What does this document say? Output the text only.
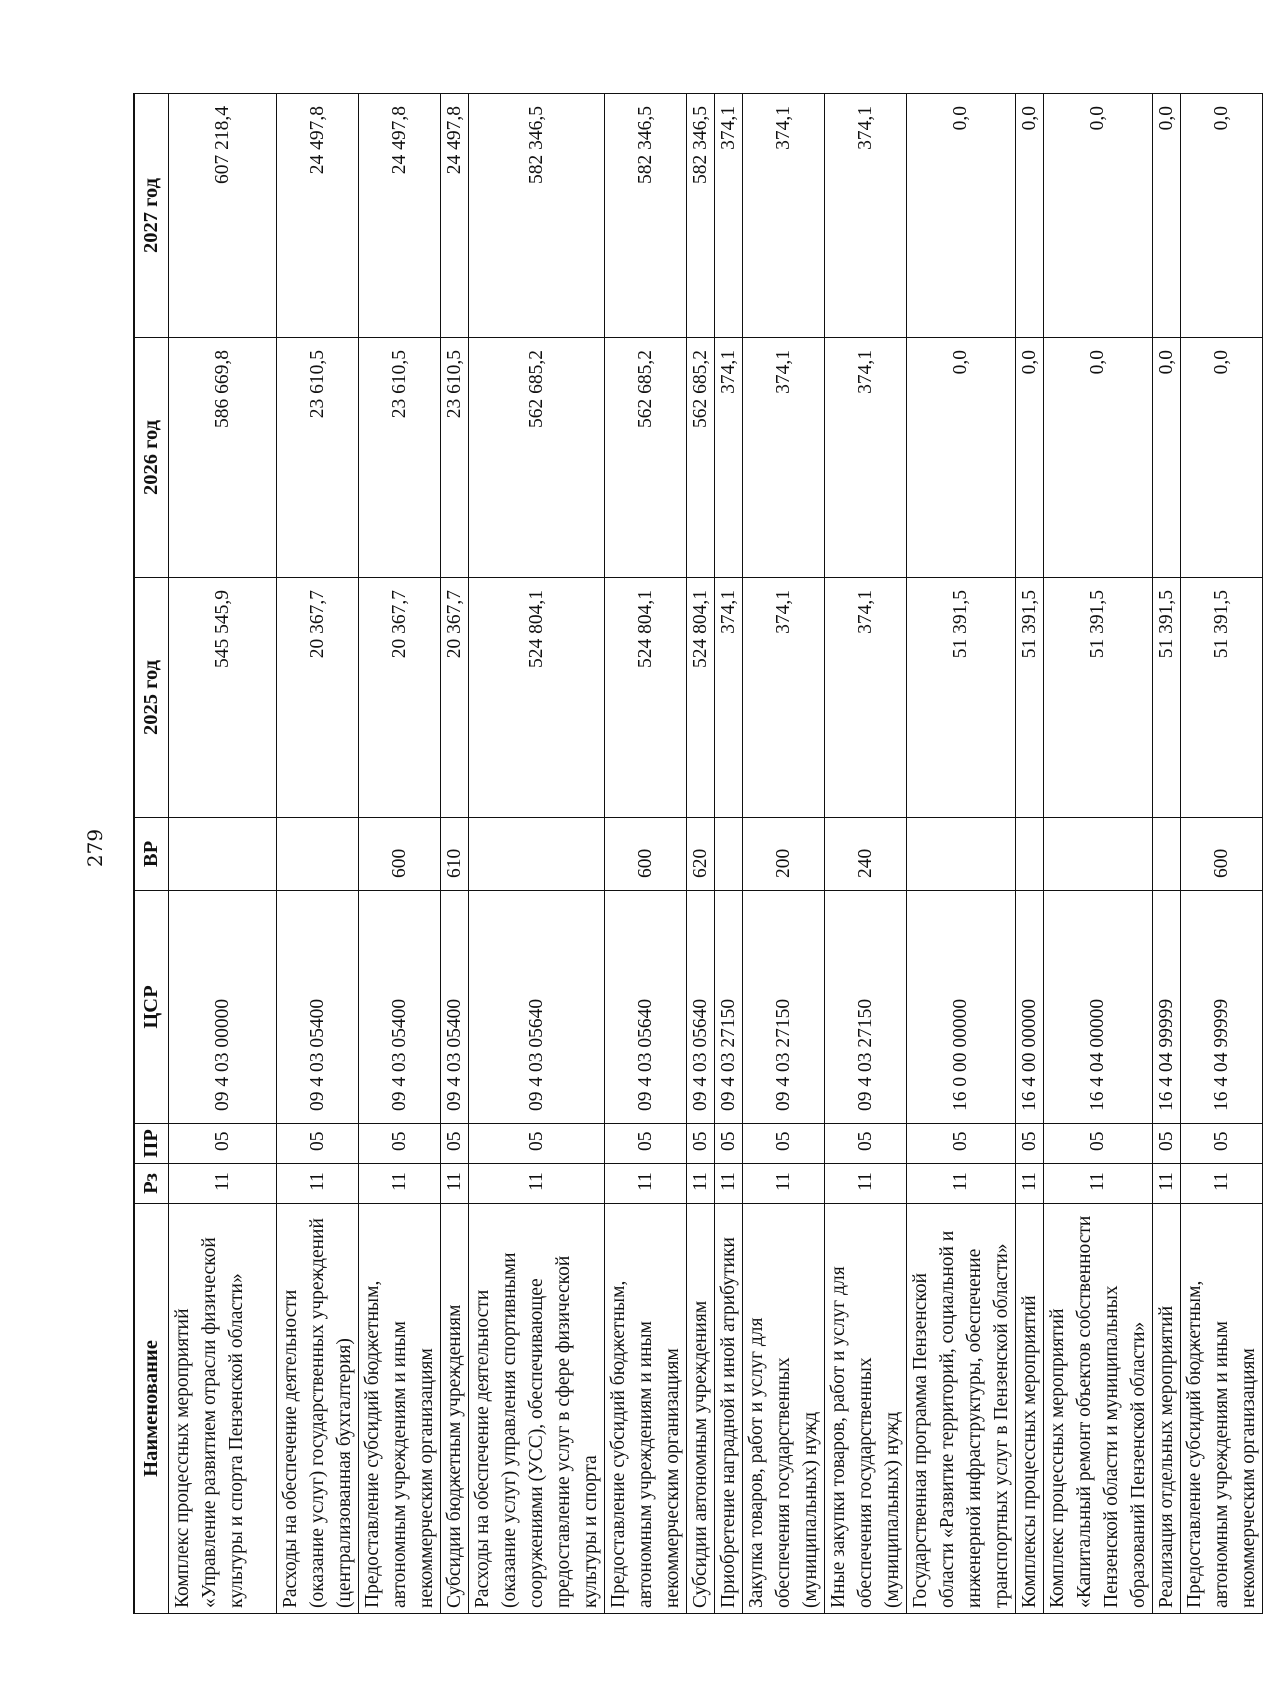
279
Наименование	Рз	ПР	ЦСР	ВР	2025 год	2026 год	2027 год
Комплекс процессных мероприятий «Управление развитием отрасли физической культуры и спорта Пензенской области»	11	05	09 4 03 00000		545 545,9	586 669,8	607 218,4
Расходы на обеспечение деятельности (оказание услуг) государственных учреждений (централизованная бухгалтерия)	11	05	09 4 03 05400		20 367,7	23 610,5	24 497,8
Предоставление субсидий бюджетным, автономным учреждениям и иным некоммерческим организациям	11	05	09 4 03 05400	600	20 367,7	23 610,5	24 497,8
Субсидии бюджетным учреждениям	11	05	09 4 03 05400	610	20 367,7	23 610,5	24 497,8
Расходы на обеспечение деятельности (оказание услуг) управления спортивными сооружениями (УСС), обеспечивающее предоставление услуг в сфере физической культуры и спорта	11	05	09 4 03 05640		524 804,1	562 685,2	582 346,5
Предоставление субсидий бюджетным, автономным учреждениям и иным некоммерческим организациям	11	05	09 4 03 05640	600	524 804,1	562 685,2	582 346,5
Субсидии автономным учреждениям	11	05	09 4 03 05640	620	524 804,1	562 685,2	582 346,5
Приобретение наградной и иной атрибутики	11	05	09 4 03 27150		374,1	374,1	374,1
Закупка товаров, работ и услуг для обеспечения государственных (муниципальных) нужд	11	05	09 4 03 27150	200	374,1	374,1	374,1
Иные закупки товаров, работ и услуг для обеспечения государственных (муниципальных) нужд	11	05	09 4 03 27150	240	374,1	374,1	374,1
Государственная программа Пензенской области «Развитие территорий, социальной и инженерной инфраструктуры, обеспечение транспортных услуг в Пензенской области»	11	05	16 0 00 00000		51 391,5	0,0	0,0
Комплексы процессных мероприятий	11	05	16 4 00 00000		51 391,5	0,0	0,0
Комплекс процессных мероприятий «Капитальный ремонт объектов собственности Пензенской области и муниципальных образований Пензенской области»	11	05	16 4 04 00000		51 391,5	0,0	0,0
Реализация отдельных мероприятий	11	05	16 4 04 99999		51 391,5	0,0	0,0
Предоставление субсидий бюджетным, автономным учреждениям и иным некоммерческим организациям	11	05	16 4 04 99999	600	51 391,5	0,0	0,0
